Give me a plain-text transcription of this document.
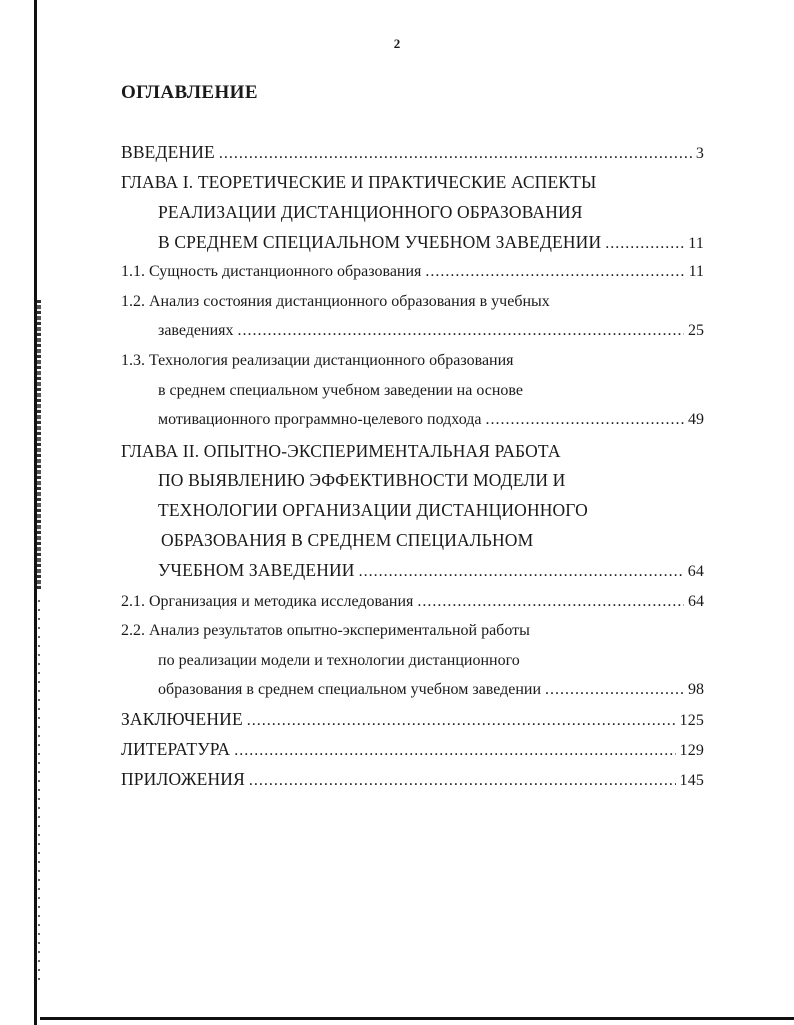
2
ОГЛАВЛЕНИЕ
ВВЕДЕНИЕ .....	3
ГЛАВА I. ТЕОРЕТИЧЕСКИЕ И ПРАКТИЧЕСКИЕ АСПЕКТЫ
РЕАЛИЗАЦИИ ДИСТАНЦИОННОГО ОБРАЗОВАНИЯ
В СРЕДНЕМ СПЕЦИАЛЬНОМ УЧЕБНОМ ЗАВЕДЕНИИ .....	11
1.1. Сущность дистанционного образования .....	11
1.2. Анализ состояния дистанционного образования в учебных
заведениях .....	25
1.3. Технология реализации дистанционного образования
в среднем специальном учебном заведении на основе
мотивационного программно-целевого подхода .....	49
ГЛАВА II. ОПЫТНО-ЭКСПЕРИМЕНТАЛЬНАЯ РАБОТА
ПО ВЫЯВЛЕНИЮ ЭФФЕКТИВНОСТИ МОДЕЛИ И
ТЕХНОЛОГИИ ОРГАНИЗАЦИИ ДИСТАНЦИОННОГО
ОБРАЗОВАНИЯ В СРЕДНЕМ СПЕЦИАЛЬНОМ
УЧЕБНОМ ЗАВЕДЕНИИ .....	64
2.1. Организация и методика исследования .....	64
2.2. Анализ результатов опытно-экспериментальной работы
по реализации модели и технологии дистанционного
образования в среднем специальном учебном заведении .....	98
ЗАКЛЮЧЕНИЕ .....	125
ЛИТЕРАТУРА .....	129
ПРИЛОЖЕНИЯ .....	145
